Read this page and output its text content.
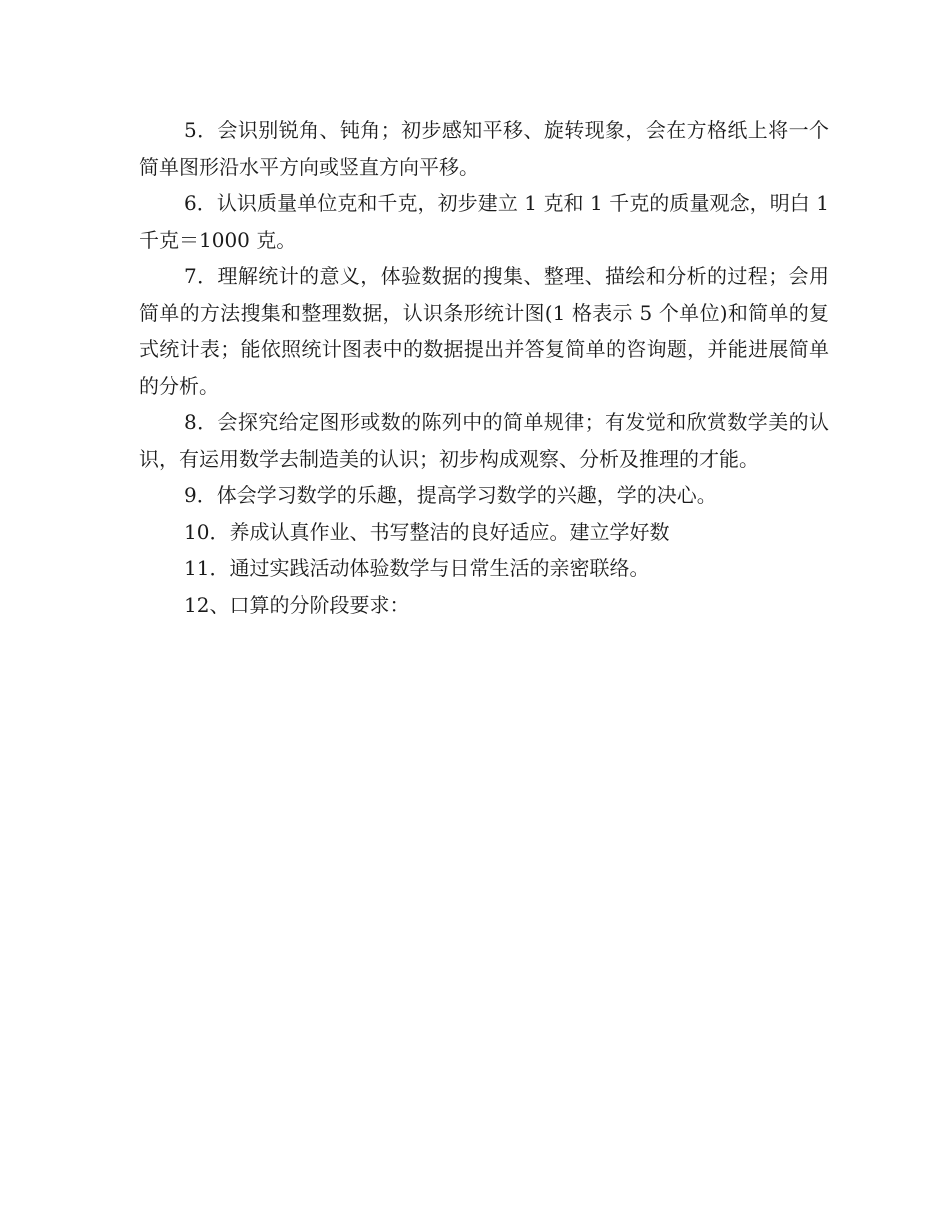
5．会识别锐角、钝角；初步感知平移、旋转现象，会在方格纸上将一个简单图形沿水平方向或竖直方向平移。

6．认识质量单位克和千克，初步建立 1 克和 1 千克的质量观念，明白 1 千克＝1000 克。

7．理解统计的意义，体验数据的搜集、整理、描绘和分析的过程；会用简单的方法搜集和整理数据，认识条形统计图(1 格表示 5 个单位)和简单的复式统计表；能依照统计图表中的数据提出并答复简单的咨询题，并能进展简单的分析。

8．会探究给定图形或数的陈列中的简单规律；有发觉和欣赏数学美的认识，有运用数学去制造美的认识；初步构成观察、分析及推理的才能。

9．体会学习数学的乐趣，提高学习数学的兴趣，学的决心。

10．养成认真作业、书写整洁的良好适应。建立学好数

11．通过实践活动体验数学与日常生活的亲密联络。

12、口算的分阶段要求：
